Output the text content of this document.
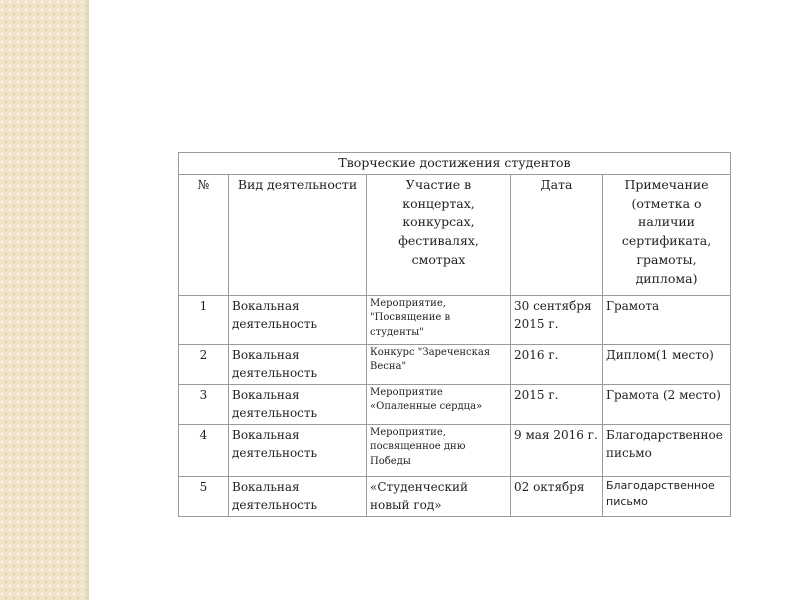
Творческие достижения студентов				
№	Вид деятельности	Участие в концертах, конкурсах, фестивалях, смотрах	Дата	Примечание (отметка о наличии сертификата, грамоты, диплома)
1	Вокальная деятельность	Мероприятие, "Посвящение в студенты"	30 сентября 2015 г.	Грамота
2	Вокальная деятельность	Конкурс "Зареченская Весна"	2016 г.	Диплом(1 место)
3	Вокальная деятельность	Мероприятие «Опаленные сердца»	2015 г.	Грамота (2 место)
4	Вокальная деятельность	Мероприятие, посвященное дню Победы	9 мая 2016 г.	Благодарственное письмо
5	Вокальная деятельность	«Студенческий новый год»	02 октября	Благодарственное письмо
